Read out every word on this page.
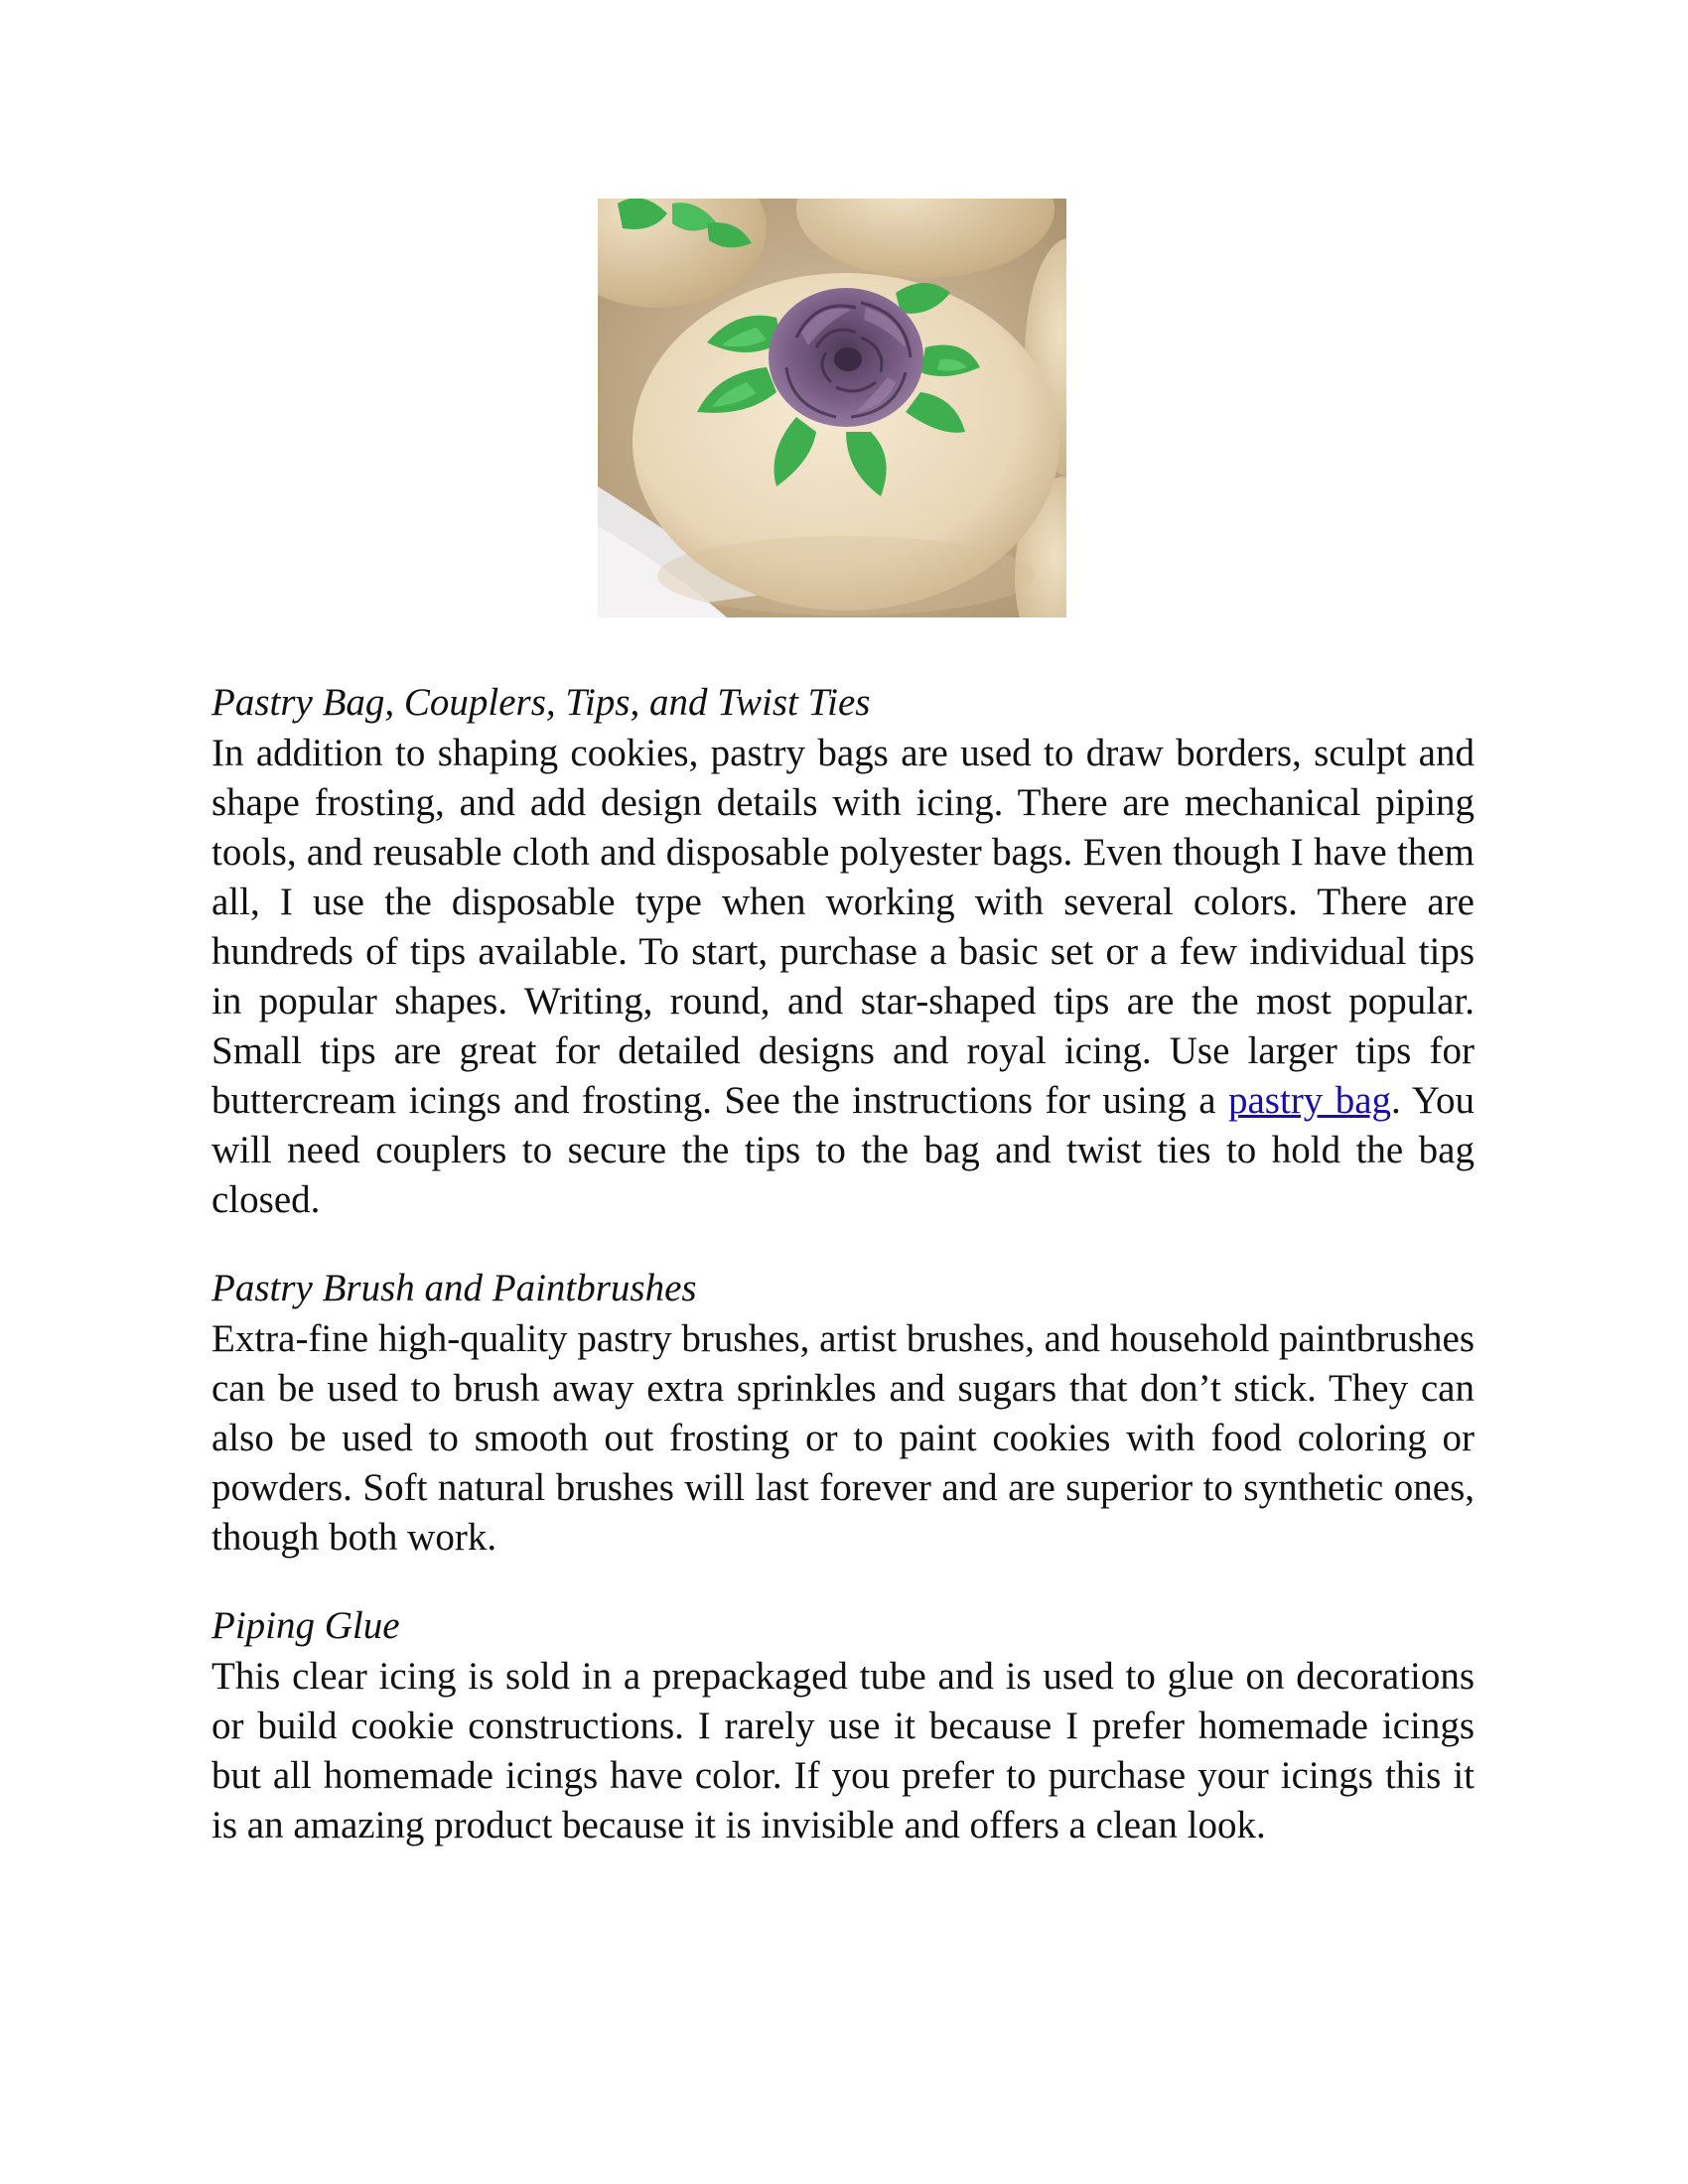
Pastry Bag, Couplers, Tips, and Twist Ties

In addition to shaping cookies, pastry bags are used to draw borders, sculpt and shape frosting, and add design details with icing. There are mechanical piping tools, and reusable cloth and disposable polyester bags. Even though I have them all, I use the disposable type when working with several colors. There are hundreds of tips available. To start, purchase a basic set or a few individual tips in popular shapes. Writing, round, and star-shaped tips are the most popular. Small tips are great for detailed designs and royal icing. Use larger tips for buttercream icings and frosting. See the instructions for using a pastry bag. You will need couplers to secure the tips to the bag and twist ties to hold the bag closed.

Pastry Brush and Paintbrushes

Extra-fine high-quality pastry brushes, artist brushes, and household paintbrushes can be used to brush away extra sprinkles and sugars that don’t stick. They can also be used to smooth out frosting or to paint cookies with food coloring or powders. Soft natural brushes will last forever and are superior to synthetic ones, though both work.

Piping Glue

This clear icing is sold in a prepackaged tube and is used to glue on decorations or build cookie constructions. I rarely use it because I prefer homemade icings but all homemade icings have color. If you prefer to purchase your icings this it is an amazing product because it is invisible and offers a clean look.
